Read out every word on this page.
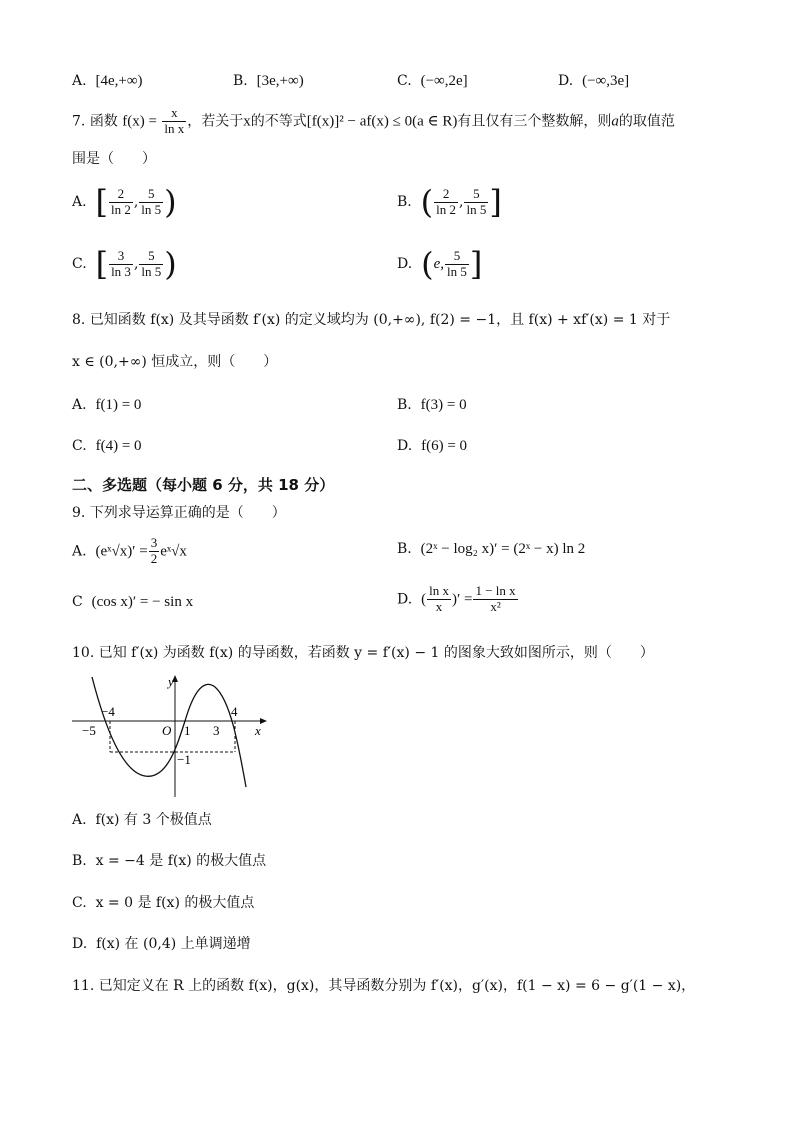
A. [4e,+∞)	B. [3e,+∞)	C. (−∞,2e]	D. (−∞,3e]
7. 函数 $f(x) = \frac{x}{\text{ln x}}$ ，若关于x的不等式[f(x)]² − af(x) ≤ 0(a ∈ R)有且仅有三个整数解，则a的取值范
围是（　　）
A. [ $\frac{2}{\ln 2}$ , $\frac{5}{\ln 5}$ )	B. ( $\frac{2}{\ln 2}$ , $\frac{5}{\ln 5}$ ]
C. [ $\frac{3}{\ln 3}$ , $\frac{5}{\ln 5}$ )	D. (e, $\frac{5}{\ln 5}$ ]
8. 已知函数 f(x) 及其导函数 f′(x) 的定义域均为 (0,+∞), f(2) = −1，且 f(x) + xf′(x) = 1 对于
x ∈ (0,+∞) 恒成立，则（　　）
A. f(1) = 0	B. f(3) = 0
C. f(4) = 0	D. f(6) = 0
二、多选题（每小题 6 分，共 18 分）
9. 下列求导运算正确的是（　　）
A. (eˣ√x)′ = $\frac{3}{2}$ eˣ√x	B. (2ˣ − log₂ x)′ = (2ˣ − x) ln 2
C (cos x)′ = − sin x	D. ( $\frac{\text{ln x}}{x}$ )′ = $\frac{\text{1 − ln x}}{\text{x²}}$
10. 已知 f′(x) 为函数 f(x) 的导函数，若函数 y = f′(x) − 1 的图象大致如图所示，则（　　）
y
x
O
−5
−4
1 3
4
−1
A. f(x) 有 3 个极值点
B. x = −4 是 f(x) 的极大值点
C. x = 0 是 f(x) 的极大值点
D. f(x) 在 (0,4) 上单调递增
11. 已知定义在 R 上的函数 f(x)，g(x)，其导函数分别为 f′(x)，g′(x)，f(1 − x) = 6 − g′(1 − x)，
